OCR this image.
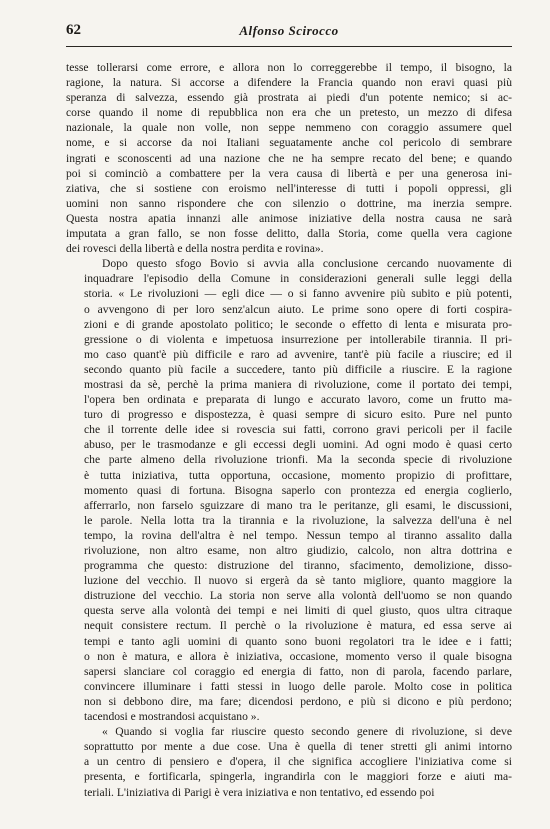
62	Alfonso Scirocco

tesse tollerarsi come errore, e allora non lo correggerebbe il tempo, il bisogno, la
ragione, la natura. Si accorse a difendere la Francia quando non eravi quasi più
speranza di salvezza, essendo già prostrata ai piedi d'un potente nemico; si ac-
corse quando il nome di repubblica non era che un pretesto, un mezzo di difesa
nazionale, la quale non volle, non seppe nemmeno con coraggio assumere quel
nome, e si accorse da noi Italiani seguatamente anche col pericolo di sembrare
ingrati e sconoscenti ad una nazione che ne ha sempre recato del bene; e quando
poi si cominciò a combattere per la vera causa di libertà e per una generosa ini-
ziativa, che si sostiene con eroismo nell'interesse di tutti i popoli oppressi, gli
uomini non sanno rispondere che con silenzio o dottrine, ma inerzia sempre.
Questa nostra apatia innanzi alle animose iniziative della nostra causa ne sarà
imputata a gran fallo, se non fosse delitto, dalla Storia, come quella vera cagione
dei rovesci della libertà e della nostra perdita e rovina».

Dopo questo sfogo Bovio si avvia alla conclusione cercando nuovamente di
inquadrare l'episodio della Comune in considerazioni generali sulle leggi della
storia. « Le rivoluzioni — egli dice — o si fanno avvenire più subito e più potenti,
o avvengono di per loro senz'alcun aiuto. Le prime sono opere di forti cospira-
zioni e di grande apostolato politico; le seconde o effetto di lenta e misurata pro-
gressione o di violenta e impetuosa insurrezione per intollerabile tirannia. Il pri-
mo caso quant'è più difficile e raro ad avvenire, tant'è più facile a riuscire; ed il
secondo quanto più facile a succedere, tanto più difficile a riuscire. E la ragione
mostrasi da sè, perchè la prima maniera di rivoluzione, come il portato dei tempi,
l'opera ben ordinata e preparata di lungo e accurato lavoro, come un frutto ma-
turo di progresso e dispostezza, è quasi sempre di sicuro esito. Pure nel punto
che il torrente delle idee si rovescia sui fatti, corrono gravi pericoli per il facile
abuso, per le trasmodanze e gli eccessi degli uomini. Ad ogni modo è quasi certo
che parte almeno della rivoluzione trionfi. Ma la seconda specie di rivoluzione
è tutta iniziativa, tutta opportuna, occasione, momento propizio di profittare,
momento quasi di fortuna. Bisogna saperlo con prontezza ed energia coglierlo,
afferrarlo, non farselo sguizzare di mano tra le peritanze, gli esami, le discussioni,
le parole. Nella lotta tra la tirannia e la rivoluzione, la salvezza dell'una è nel
tempo, la rovina dell'altra è nel tempo. Nessun tempo al tiranno assalito dalla
rivoluzione, non altro esame, non altro giudizio, calcolo, non altra dottrina e
programma che questo: distruzione del tiranno, sfacimento, demolizione, disso-
luzione del vecchio. Il nuovo si ergerà da sè tanto migliore, quanto maggiore la
distruzione del vecchio. La storia non serve alla volontà dell'uomo se non quando
questa serve alla volontà dei tempi e nei limiti di quel giusto, quos ultra citraque
nequit consistere rectum. Il perchè o la rivoluzione è matura, ed essa serve ai
tempi e tanto agli uomini di quanto sono buoni regolatori tra le idee e i fatti;
o non è matura, e allora è iniziativa, occasione, momento verso il quale bisogna
sapersi slanciare col coraggio ed energia di fatto, non di parola, facendo parlare,
convincere illuminare i fatti stessi in luogo delle parole. Molto cose in politica
non si debbono dire, ma fare; dicendosi perdono, e più si dicono e più perdono;
tacendosi e mostrandosi acquistano ».

« Quando si voglia far riuscire questo secondo genere di rivoluzione, si deve
soprattutto por mente a due cose. Una è quella di tener stretti gli animi intorno
a un centro di pensiero e d'opera, il che significa accogliere l'iniziativa come si
presenta, e fortificarla, spingerla, ingrandirla con le maggiori forze e aiuti ma-
teriali. L'iniziativa di Parigi è vera iniziativa e non tentativo, ed essendo poi
